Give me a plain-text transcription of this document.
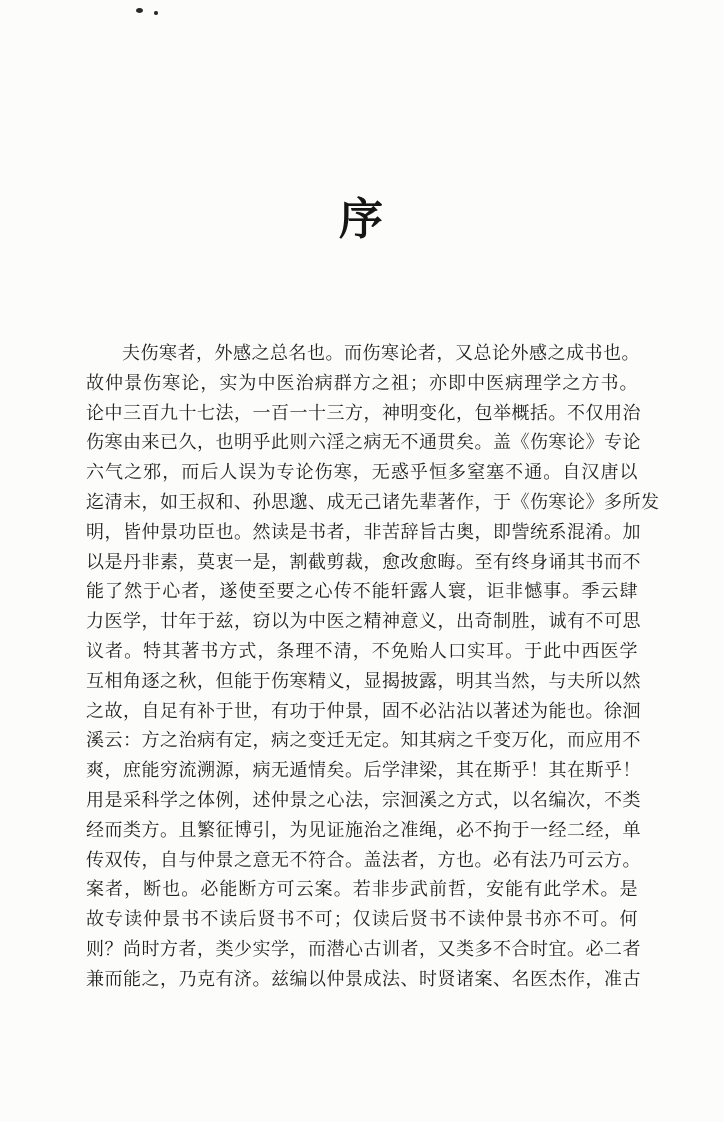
序
夫伤寒者，外感之总名也。而伤寒论者，又总论外感之成书也。
故仲景伤寒论，实为中医治病群方之祖；亦即中医病理学之方书。
论中三百九十七法，一百一十三方，神明变化，包举概括。不仅用治
伤寒由来已久，也明乎此则六淫之病无不通贯矣。盖《伤寒论》专论
六气之邪，而后人误为专论伤寒，无惑乎恒多窒塞不通。自汉唐以
迄清末，如王叔和、孙思邈、成无己诸先辈著作，于《伤寒论》多所发
明，皆仲景功臣也。然读是书者，非苦辞旨古奥，即訾统系混淆。加
以是丹非素，莫衷一是，割截剪裁，愈改愈晦。至有终身诵其书而不
能了然于心者，遂使至要之心传不能轩露人寰，讵非憾事。季云肆
力医学，廿年于兹，窃以为中医之精神意义，出奇制胜，诚有不可思
议者。特其著书方式，条理不清，不免贻人口实耳。于此中西医学
互相角逐之秋，但能于伤寒精义，显揭披露，明其当然，与夫所以然
之故，自足有补于世，有功于仲景，固不必沾沾以著述为能也。徐洄
溪云：方之治病有定，病之变迁无定。知其病之千变万化，而应用不
爽，庶能穷流溯源，病无遁情矣。后学津梁，其在斯乎！其在斯乎！
用是采科学之体例，述仲景之心法，宗洄溪之方式，以名编次，不类
经而类方。且繁征博引，为见证施治之准绳，必不拘于一经二经，单
传双传，自与仲景之意无不符合。盖法者，方也。必有法乃可云方。
案者，断也。必能断方可云案。若非步武前哲，安能有此学术。是
故专读仲景书不读后贤书不可；仅读后贤书不读仲景书亦不可。何
则？尚时方者，类少实学，而潜心古训者，又类多不合时宜。必二者
兼而能之，乃克有济。兹编以仲景成法、时贤诸案、名医杰作，准古
